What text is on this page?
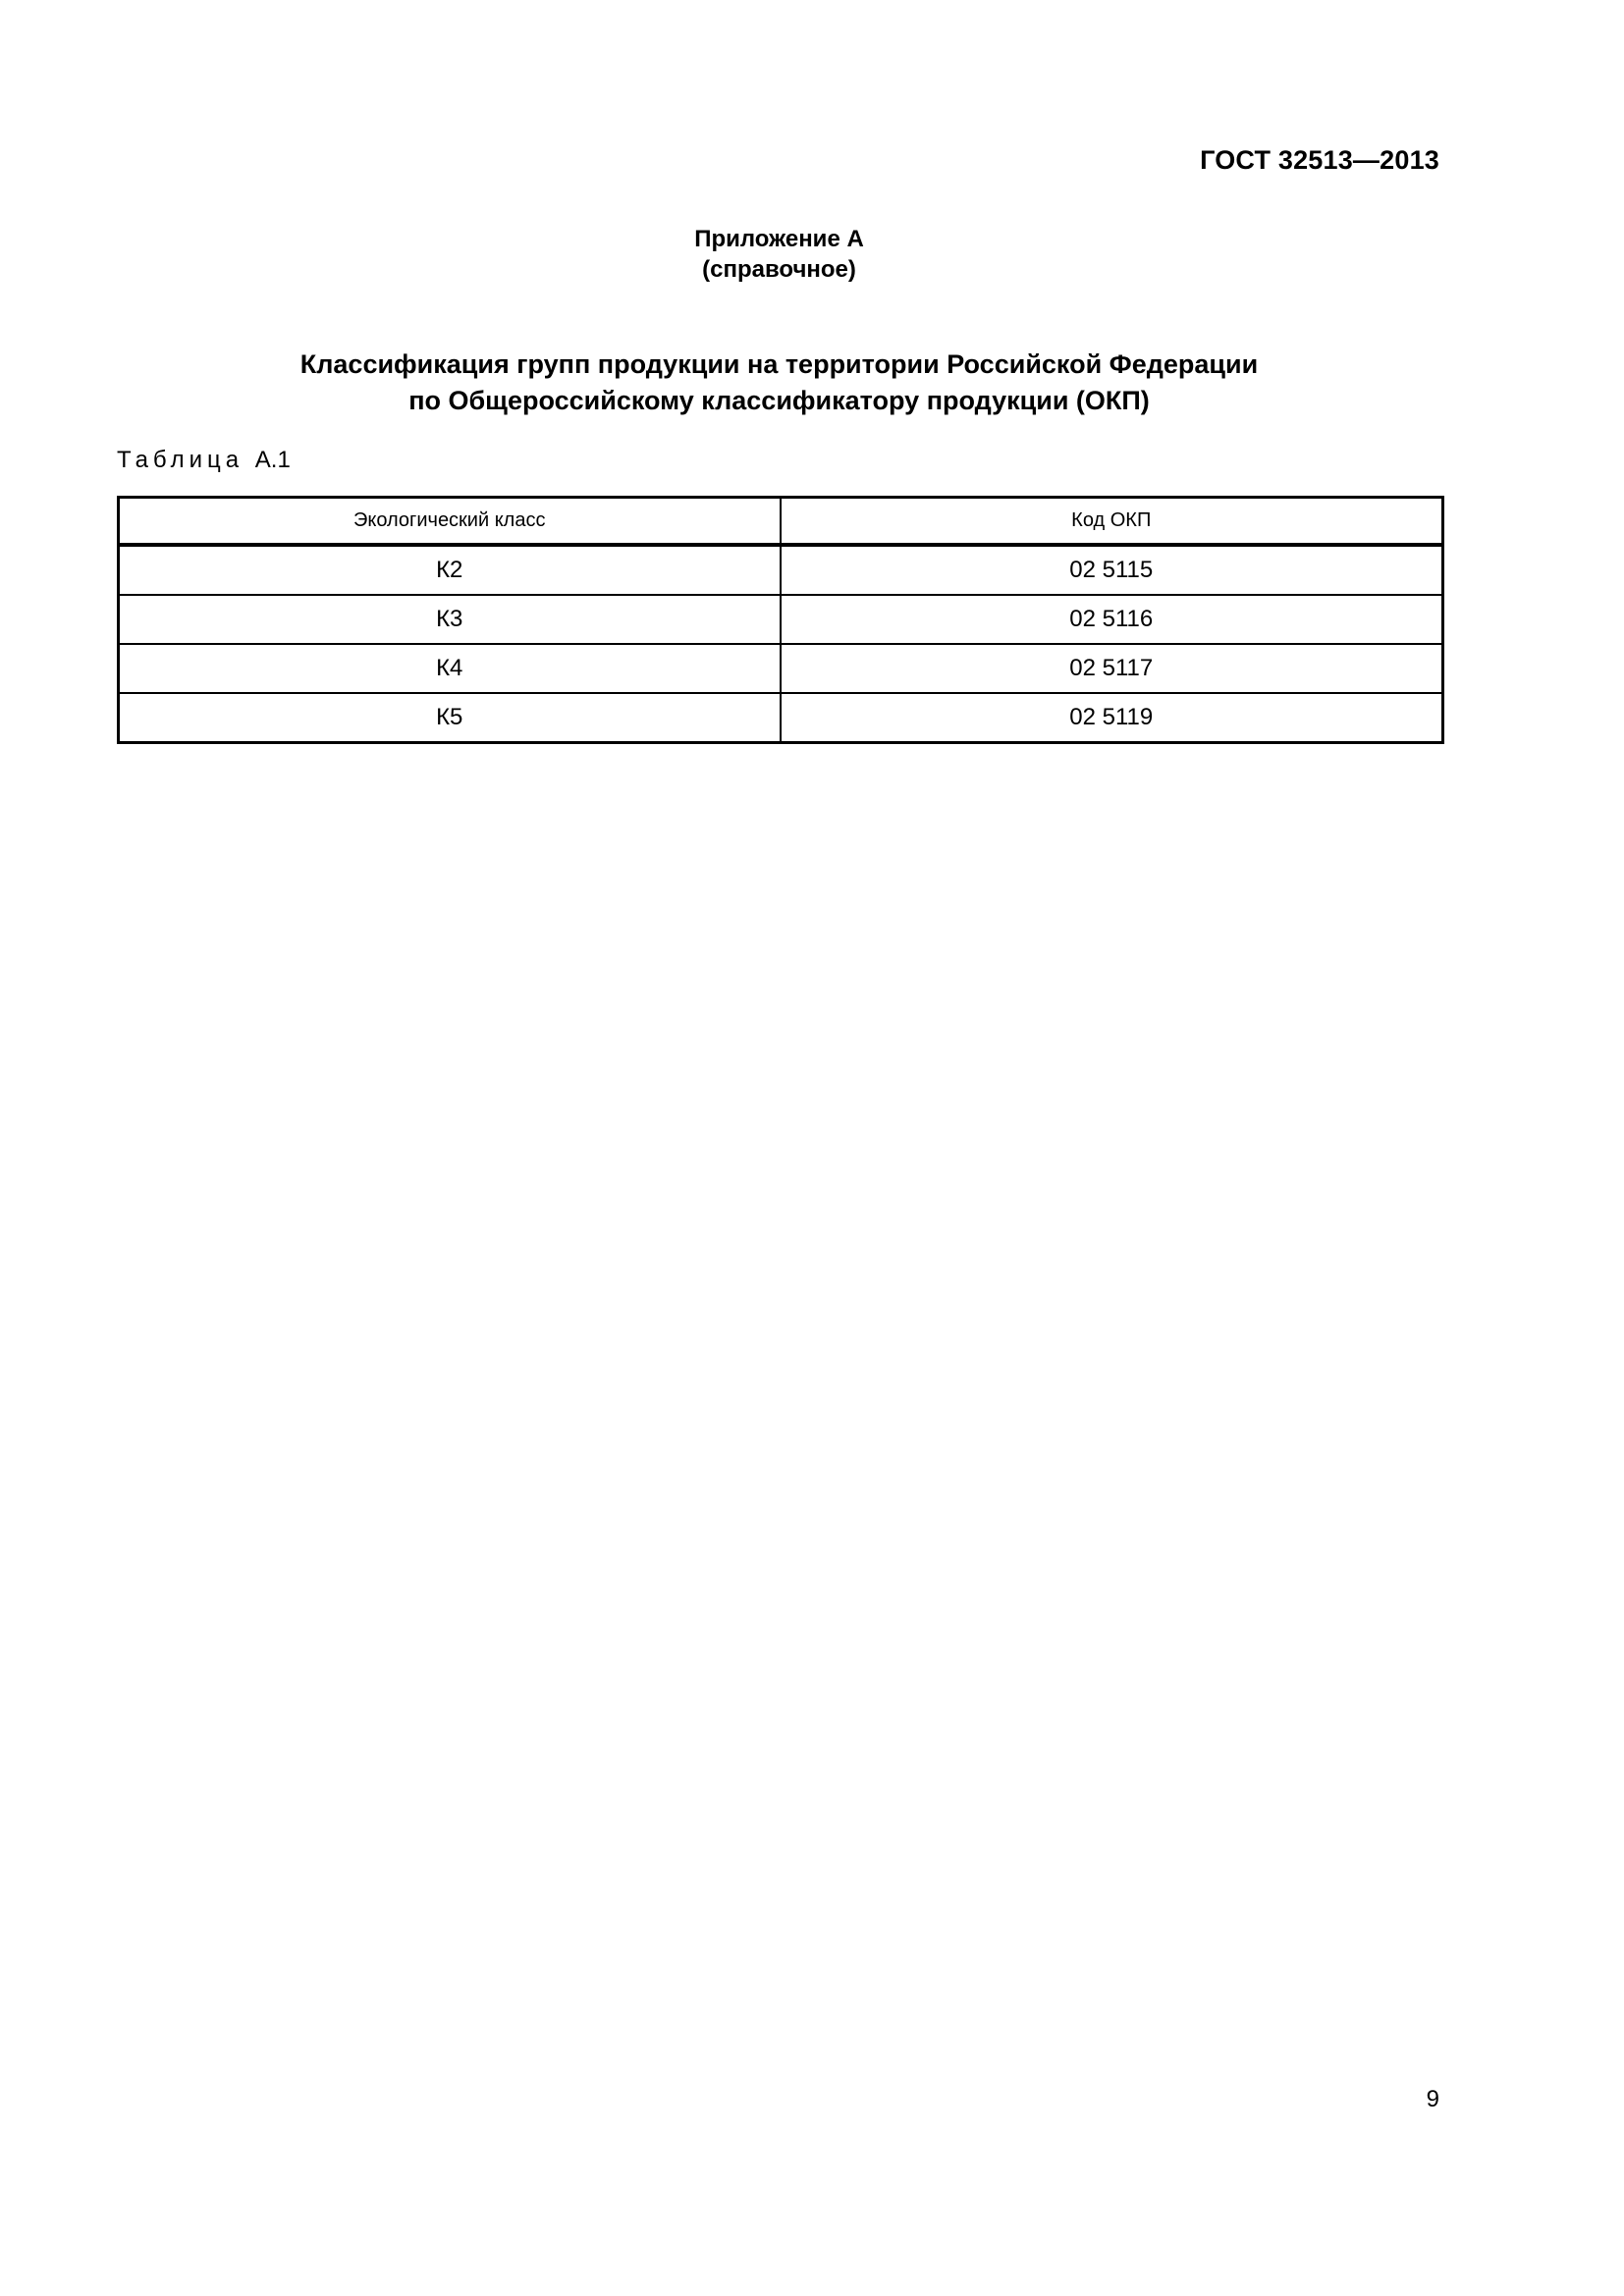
ГОСТ 32513—2013
Приложение А
(справочное)
Классификация групп продукции на территории Российской Федерации
по Общероссийскому классификатору продукции (ОКП)
Таблица А.1
Экологический класс	Код ОКП
К2	02 5115
К3	02 5116
К4	02 5117
К5	02 5119
9
